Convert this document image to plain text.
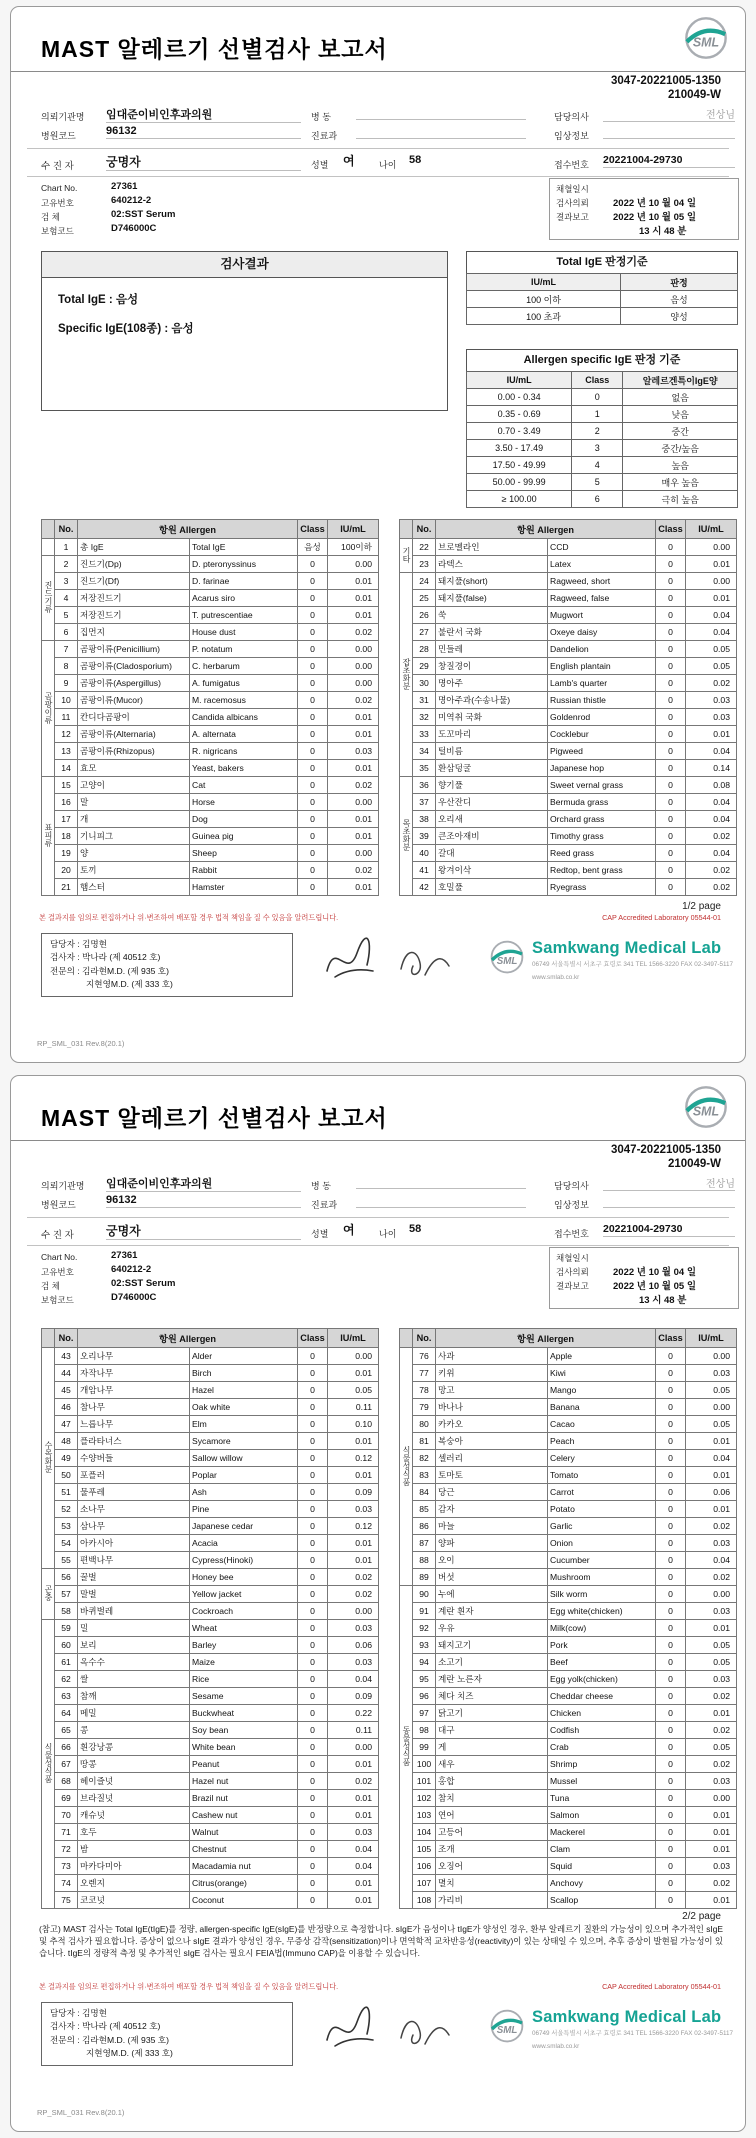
MAST 알레르기 선별검사 보고서	SML
3047-20221005-1350
210049-W
의뢰기관명 임대준이비인후과의원	병 동	담당의사	전상님
병원코드	96132	진료과	임상정보
수 진 자	궁명자	성별 여	나이 58	접수번호 20221004-29730
Chart No.	27361	채혈일시
고유번호	640212-2	검사의뢰	2022 년 10 월 04 일
검 체	02:SST Serum	결과보고	2022 년 10 월 05 일
보험코드	D746000C	13 시 48 분
검사결과
Total IgE : 음성
Specific IgE(108종) : 음성
Total IgE 판정기준
IU/mL	판정
100 이하	음성
100 초과	양성
Allergen specific IgE 판정 기준
IU/mL	Class	알레르겐특이IgE양
0.00 - 0.34	0	없음
0.35 - 0.69	1	낮음
0.70 - 3.49	2	중간
3.50 - 17.49	3	중간/높음
17.50 - 49.99	4	높음
50.00 - 99.99	5	매우 높음
≥ 100.00	6	극히 높음
	No.	항원 Allergen		Class	IU/mL
	1	총 IgE	Total IgE	음성	100이하
진드기류	2	진드기(Dp)	D. pteronyssinus	0	0.00
	3	진드기(Df)	D. farinae	0	0.01
	4	저장진드기	Acarus siro	0	0.01
	5	저장진드기	T. putrescentiae	0	0.01
	6	집먼지	House dust	0	0.02
곰팡이류	7	곰팡이류(Penicillium)	P. notatum	0	0.00
	8	곰팡이류(Cladosporium)	C. herbarum	0	0.00
	9	곰팡이류(Aspergillus)	A. fumigatus	0	0.00
	10	곰팡이류(Mucor)	M. racemosus	0	0.02
	11	칸디다곰팡이	Candida albicans	0	0.01
	12	곰팡이류(Alternaria)	A. alternata	0	0.01
	13	곰팡이류(Rhizopus)	R. nigricans	0	0.03
	14	효모	Yeast, bakers	0	0.01
표피류	15	고양이	Cat	0	0.02
	16	말	Horse	0	0.00
	17	개	Dog	0	0.01
	18	기니피그	Guinea pig	0	0.01
	19	양	Sheep	0	0.00
	20	토끼	Rabbit	0	0.02
	21	햄스터	Hamster	0	0.01
	No.	항원 Allergen		Class	IU/mL
기타	22	브로멜라인	CCD	0	0.00
	23	라텍스	Latex	0	0.01
잡초화분	24	돼지풀(short)	Ragweed, short	0	0.00
	25	돼지풀(false)	Ragweed, false	0	0.01
	26	쑥	Mugwort	0	0.04
	27	불란서 국화	Oxeye daisy	0	0.04
	28	민들레	Dandelion	0	0.05
	29	창질경이	English plantain	0	0.05
	30	명아주	Lamb's quarter	0	0.02
	31	명아주과(수송나물)	Russian thistle	0	0.03
	32	미역취 국화	Goldenrod	0	0.03
	33	도꼬마리	Cocklebur	0	0.01
	34	털비름	Pigweed	0	0.04
	35	환삼덩굴	Japanese hop	0	0.14
목초화분	36	향기풀	Sweet vernal grass	0	0.08
	37	우산잔디	Bermuda grass	0	0.04
	38	오리새	Orchard grass	0	0.04
	39	큰조아재비	Timothy grass	0	0.02
	40	갈대	Reed grass	0	0.04
	41	왕겨이삭	Redtop, bent grass	0	0.02
	42	호밀풀	Ryegrass	0	0.02
1/2 page
본 결과지를 임의로 편집하거나 위·변조하여 배포할 경우 법적 책임을 질 수 있음을 알려드립니다.	CAP Accredited Laboratory 05544-01
담당자 : 김명현
검사자 : 박나라 (제 40512 호)
전문의 : 김라현M.D. (제 935 호)
지현영M.D. (제 333 호)
SML
Samkwang Medical Lab
06749 서울특별시 서초구 효령로 341 TEL 1566-3220 FAX 02-3497-5117
www.smlab.co.kr
RP_SML_031 Rev.8(20.1)
MAST 알레르기 선별검사 보고서	SML
3047-20221005-1350
210049-W
의뢰기관명 임대준이비인후과의원	병 동	담당의사	전상님
병원코드	96132	진료과	임상정보
수 진 자	궁명자	성별 여	나이 58	접수번호 20221004-29730
Chart No.	27361	채혈일시
고유번호	640212-2	검사의뢰	2022 년 10 월 04 일
검 체	02:SST Serum	결과보고	2022 년 10 월 05 일
보험코드	D746000C	13 시 48 분
	No.	항원 Allergen		Class	IU/mL
수목화분	43	오리나무	Alder	0	0.00
	44	자작나무	Birch	0	0.01
	45	개암나무	Hazel	0	0.05
	46	참나무	Oak white	0	0.11
	47	느릅나무	Elm	0	0.10
	48	플라타너스	Sycamore	0	0.01
	49	수양버들	Sallow willow	0	0.12
	50	포플러	Poplar	0	0.01
	51	물푸레	Ash	0	0.09
	52	소나무	Pine	0	0.03
	53	삼나무	Japanese cedar	0	0.12
	54	아카시아	Acacia	0	0.01
	55	편백나무	Cypress(Hinoki)	0	0.01
곤충	56	꿀벌	Honey bee	0	0.02
	57	말벌	Yellow jacket	0	0.02
	58	바퀴벌레	Cockroach	0	0.00
식물성식품	59	밀	Wheat	0	0.03
	60	보리	Barley	0	0.06
	61	옥수수	Maize	0	0.03
	62	쌀	Rice	0	0.04
	63	참깨	Sesame	0	0.09
	64	메밀	Buckwheat	0	0.22
	65	콩	Soy bean	0	0.11
	66	흰강낭콩	White bean	0	0.00
	67	땅콩	Peanut	0	0.01
	68	헤이즐넛	Hazel nut	0	0.02
	69	브라질넛	Brazil nut	0	0.01
	70	캐슈넛	Cashew nut	0	0.01
	71	호두	Walnut	0	0.03
	72	밤	Chestnut	0	0.04
	73	마카다미아	Macadamia nut	0	0.04
	74	오렌지	Citrus(orange)	0	0.01
	75	코코넛	Coconut	0	0.01
	No.	항원 Allergen		Class	IU/mL
식물성식품	76	사과	Apple	0	0.00
	77	키위	Kiwi	0	0.03
	78	망고	Mango	0	0.05
	79	바나나	Banana	0	0.00
	80	카카오	Cacao	0	0.05
	81	복숭아	Peach	0	0.01
	82	셀러리	Celery	0	0.04
	83	토마토	Tomato	0	0.01
	84	당근	Carrot	0	0.06
	85	감자	Potato	0	0.01
	86	마늘	Garlic	0	0.02
	87	양파	Onion	0	0.03
	88	오이	Cucumber	0	0.04
	89	버섯	Mushroom	0	0.02
동물성식품	90	누에	Silk worm	0	0.00
	91	계란 흰자	Egg white(chicken)	0	0.03
	92	우유	Milk(cow)	0	0.01
	93	돼지고기	Pork	0	0.05
	94	소고기	Beef	0	0.05
	95	계란 노른자	Egg yolk(chicken)	0	0.03
	96	체다 치즈	Cheddar cheese	0	0.02
	97	닭고기	Chicken	0	0.01
	98	대구	Codfish	0	0.02
	99	게	Crab	0	0.05
	100	새우	Shrimp	0	0.02
	101	홍합	Mussel	0	0.03
	102	참치	Tuna	0	0.00
	103	연어	Salmon	0	0.01
	104	고등어	Mackerel	0	0.01
	105	조개	Clam	0	0.01
	106	오징어	Squid	0	0.03
	107	멸치	Anchovy	0	0.02
	108	가리비	Scallop	0	0.01
2/2 page
(참고) MAST 검사는 Total IgE(tIgE)를 정량, allergen-specific IgE(sIgE)를 반정량으로 측정합니다. sIgE가 음성이나 tIgE가 양성인 경우, 환부 알레르기 질환의 가능성이 있으며 추가적인 sIgE 및 추적 검사가 필요합니다. 증상이 없으나 sIgE 결과가 양성인 경우, 무증상 감작(sensitization)이나 면역학적 교차반응성(reactivity)이 있는 상태일 수 있으며, 추후 증상이 발현될 가능성이 있습니다. tIgE의 정량적 측정 및 추가적인 sIgE 검사는 필요시 FEIA법(Immuno CAP)을 이용할 수 있습니다.
본 결과지를 임의로 편집하거나 위·변조하여 배포할 경우 법적 책임을 질 수 있음을 알려드립니다.	CAP Accredited Laboratory 05544-01
담당자 : 김명현
검사자 : 박나라 (제 40512 호)
전문의 : 김라현M.D. (제 935 호)
지현영M.D. (제 333 호)
SML
Samkwang Medical Lab
06749 서울특별시 서초구 효령로 341 TEL 1566-3220 FAX 02-3497-5117
www.smlab.co.kr
RP_SML_031 Rev.8(20.1)
